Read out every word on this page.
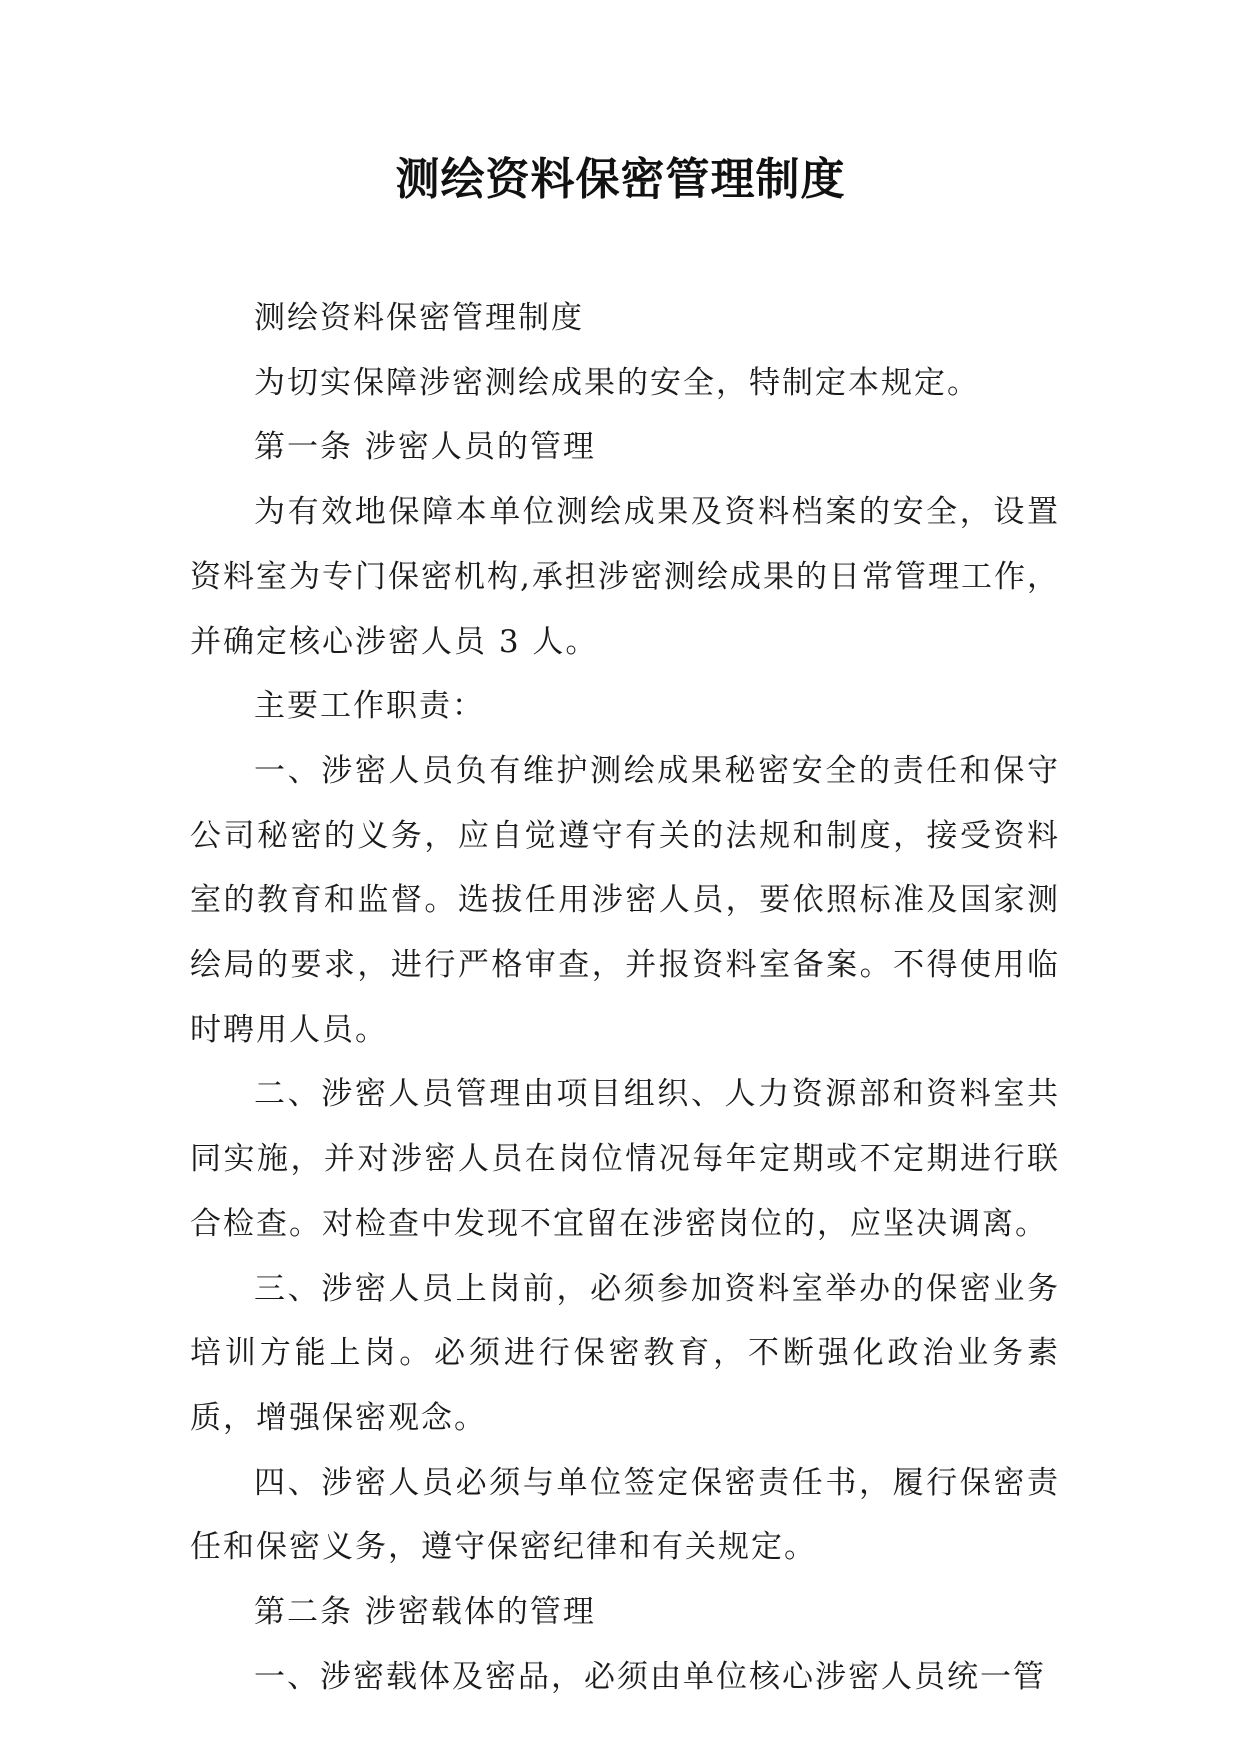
测绘资料保密管理制度

测绘资料保密管理制度

为切实保障涉密测绘成果的安全，特制定本规定。

第一条 涉密人员的管理

为有效地保障本单位测绘成果及资料档案的安全，设置资料室为专门保密机构,承担涉密测绘成果的日常管理工作，并确定核心涉密人员 3 人。

主要工作职责：

一、涉密人员负有维护测绘成果秘密安全的责任和保守公司秘密的义务，应自觉遵守有关的法规和制度，接受资料室的教育和监督。选拔任用涉密人员，要依照标准及国家测绘局的要求，进行严格审查，并报资料室备案。不得使用临时聘用人员。

二、涉密人员管理由项目组织、人力资源部和资料室共同实施，并对涉密人员在岗位情况每年定期或不定期进行联合检查。对检查中发现不宜留在涉密岗位的，应坚决调离。

三、涉密人员上岗前，必须参加资料室举办的保密业务培训方能上岗。必须进行保密教育，不断强化政治业务素质，增强保密观念。

四、涉密人员必须与单位签定保密责任书，履行保密责任和保密义务，遵守保密纪律和有关规定。

第二条 涉密载体的管理

一、涉密载体及密品，必须由单位核心涉密人员统一管
